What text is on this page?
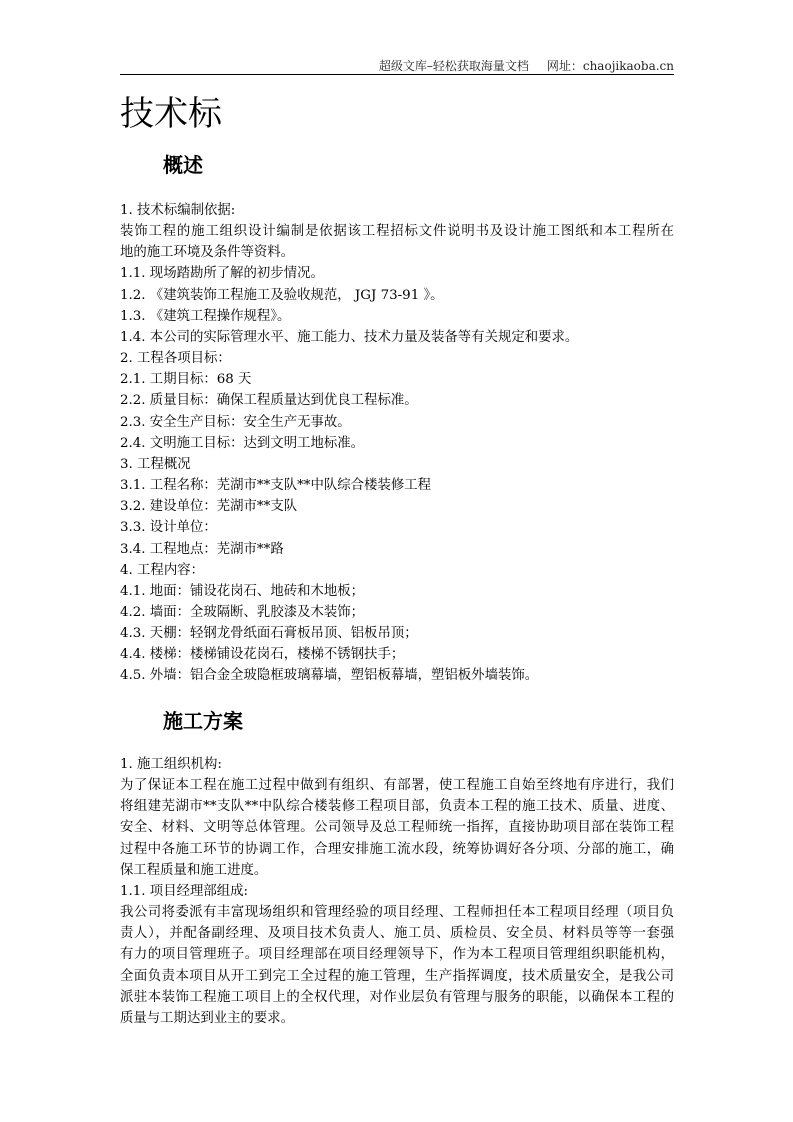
超级文库–轻松获取海量文档 网址：chaojikaoba.cn
技术标
概述
1. 技术标编制依据:
装饰工程的施工组织设计编制是依据该工程招标文件说明书及设计施工图纸和本工程所在
地的施工环境及条件等资料。
1.1. 现场踏勘所了解的初步情况。
1.2. 《建筑装饰工程施工及验收规范， JGJ 73-91 》。
1.3. 《建筑工程操作规程》。
1.4. 本公司的实际管理水平、施工能力、技术力量及装备等有关规定和要求。
2. 工程各项目标：
2.1. 工期目标：68 天
2.2. 质量目标：确保工程质量达到优良工程标准。
2.3. 安全生产目标：安全生产无事故。
2.4. 文明施工目标：达到文明工地标准。
3. 工程概况
3.1. 工程名称：芜湖市**支队**中队综合楼装修工程
3.2. 建设单位：芜湖市**支队
3.3. 设计单位：
3.4. 工程地点：芜湖市**路
4. 工程内容：
4.1. 地面：铺设花岗石、地砖和木地板；
4.2. 墙面：全玻隔断、乳胶漆及木装饰；
4.3. 天棚：轻钢龙骨纸面石膏板吊顶、铝板吊顶；
4.4. 楼梯：楼梯铺设花岗石，楼梯不锈钢扶手；
4.5. 外墙：铝合金全玻隐框玻璃幕墙，塑铝板幕墙，塑铝板外墙装饰。
施工方案
1. 施工组织机构:
为了保证本工程在施工过程中做到有组织、有部署，使工程施工自始至终地有序进行，我们
将组建芜湖市**支队**中队综合楼装修工程项目部，负责本工程的施工技术、质量、进度、
安全、材料、文明等总体管理。公司领导及总工程师统一指挥，直接协助项目部在装饰工程
过程中各施工环节的协调工作，合理安排施工流水段，统筹协调好各分项、分部的施工，确
保工程质量和施工进度。
1.1. 项目经理部组成:
我公司将委派有丰富现场组织和管理经验的项目经理、工程师担任本工程项目经理（项目负
责人），并配备副经理、及项目技术负责人、施工员、质检员、安全员、材料员等等一套强
有力的项目管理班子。项目经理部在项目经理领导下，作为本工程项目管理组织职能机构，
全面负责本项目从开工到完工全过程的施工管理，生产指挥调度，技术质量安全，是我公司
派驻本装饰工程施工项目上的全权代理，对作业层负有管理与服务的职能，以确保本工程的
质量与工期达到业主的要求。
